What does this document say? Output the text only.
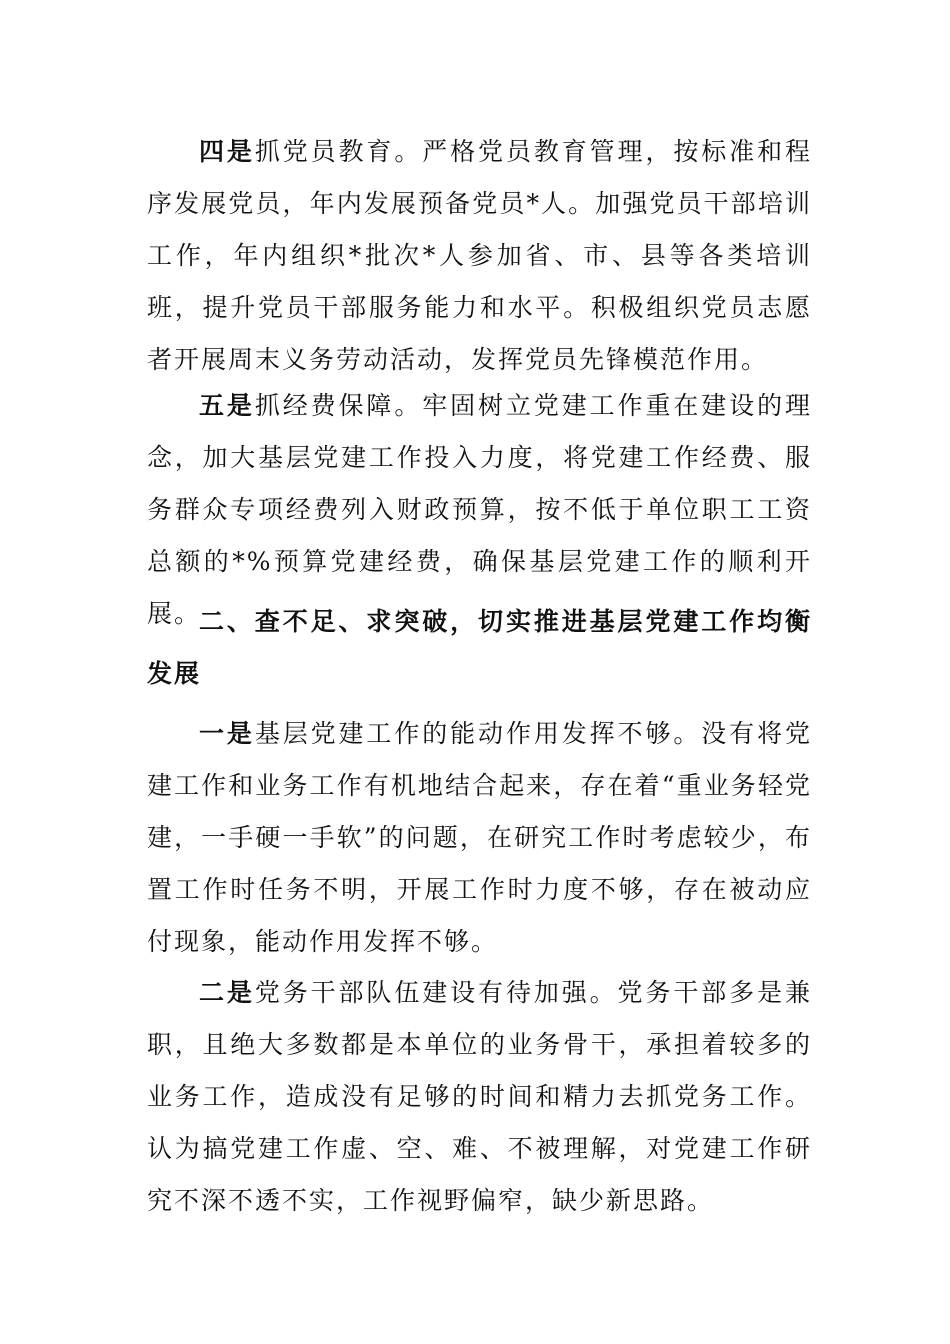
四是抓党员教育。严格党员教育管理，按标准和程序发展党员，年内发展预备党员*人。加强党员干部培训工作，年内组织*批次*人参加省、市、县等各类培训班，提升党员干部服务能力和水平。积极组织党员志愿者开展周末义务劳动活动，发挥党员先锋模范作用。

五是抓经费保障。牢固树立党建工作重在建设的理念，加大基层党建工作投入力度，将党建工作经费、服务群众专项经费列入财政预算，按不低于单位职工工资总额的*%预算党建经费，确保基层党建工作的顺利开展。

二、查不足、求突破，切实推进基层党建工作均衡发展

一是基层党建工作的能动作用发挥不够。没有将党建工作和业务工作有机地结合起来，存在着“重业务轻党建，一手硬一手软”的问题，在研究工作时考虑较少，布置工作时任务不明，开展工作时力度不够，存在被动应付现象，能动作用发挥不够。

二是党务干部队伍建设有待加强。党务干部多是兼职，且绝大多数都是本单位的业务骨干，承担着较多的业务工作，造成没有足够的时间和精力去抓党务工作。认为搞党建工作虚、空、难、不被理解，对党建工作研究不深不透不实，工作视野偏窄，缺少新思路。
